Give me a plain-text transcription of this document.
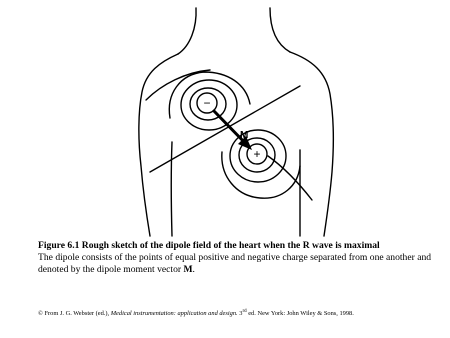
−
+
M
Figure 6.1 Rough sketch of the dipole field of the heart when the R wave is maximal
The dipole consists of the points of equal positive and negative charge separated from one another and denoted by the dipole moment vector M.
© From J. G. Webster (ed.), Medical instrumentation: application and design. 3rd ed. New York: John Wiley & Sons, 1998.
